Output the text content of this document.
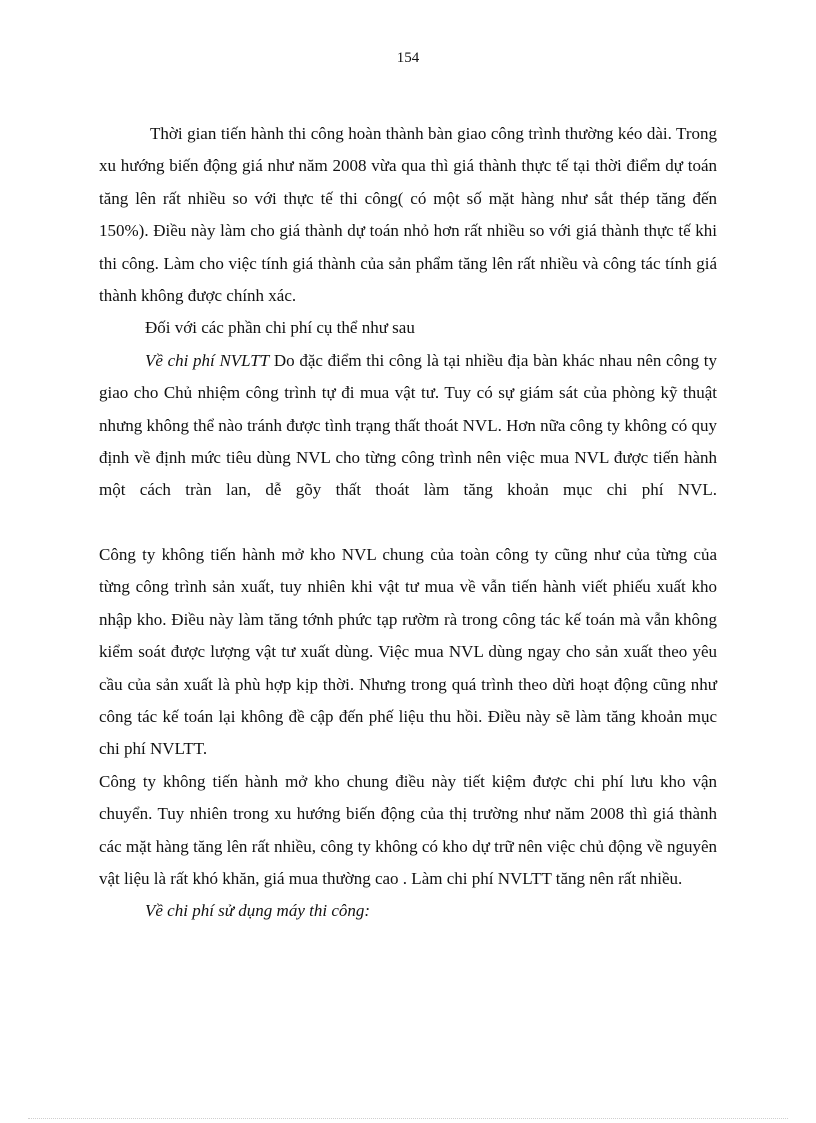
154

Thời gian tiến hành thi công hoàn thành bàn giao công trình thường kéo dài. Trong xu hướng biến động giá như năm 2008 vừa qua thì giá thành thực tế tại thời điểm dự toán tăng lên rất nhiều so với thực tế thi công( có một số mặt hàng như sắt thép tăng đến 150%). Điều này làm cho giá thành dự toán nhỏ hơn rất nhiều so với giá thành thực tế khi thi công. Làm cho việc tính giá thành của sản phẩm tăng lên rất nhiều và công tác tính giá thành không được chính xác.

Đối với các phần chi phí cụ thể như sau

Về chi phí NVLTT Do đặc điểm thi công là tại nhiều địa bàn khác nhau nên công ty giao cho Chủ nhiệm công trình tự đi mua vật tư. Tuy có sự giám sát của phòng kỹ thuật nhưng không thể nào tránh được tình trạng thất thoát NVL. Hơn nữa công ty không có quy định về định mức tiêu dùng NVL cho từng công trình nên việc mua NVL được tiến hành một cách tràn lan, dễ gõy thất thoát làm tăng khoản mục chi phí NVL.

Công ty không tiến hành mở kho NVL chung của toàn công ty cũng như của từng của từng công trình sản xuất, tuy nhiên khi vật tư mua về vẫn tiến hành viết phiếu xuất kho nhập kho. Điều này làm tăng tớnh phức tạp rườm rà trong công tác kế toán mà vẫn không kiểm soát được lượng vật tư xuất dùng. Việc mua NVL dùng ngay cho sản xuất theo yêu cầu của sản xuất là phù hợp kịp thời. Nhưng trong quá trình theo dừi hoạt động cũng như công tác kế toán lại không đề cập đến phế liệu thu hồi. Điều này sẽ làm tăng khoản mục chi phí NVLTT.

Công ty không tiến hành mở kho chung điều này tiết kiệm được chi phí lưu kho vận chuyển. Tuy nhiên trong xu hướng biến động của thị trường như năm 2008 thì giá thành các mặt hàng tăng lên rất nhiều, công ty không có kho dự trữ nên việc chủ động về nguyên vật liệu là rất khó khăn, giá mua thường cao . Làm chi phí NVLTT tăng nên rất nhiều.

Về chi phí sử dụng máy thi công:
